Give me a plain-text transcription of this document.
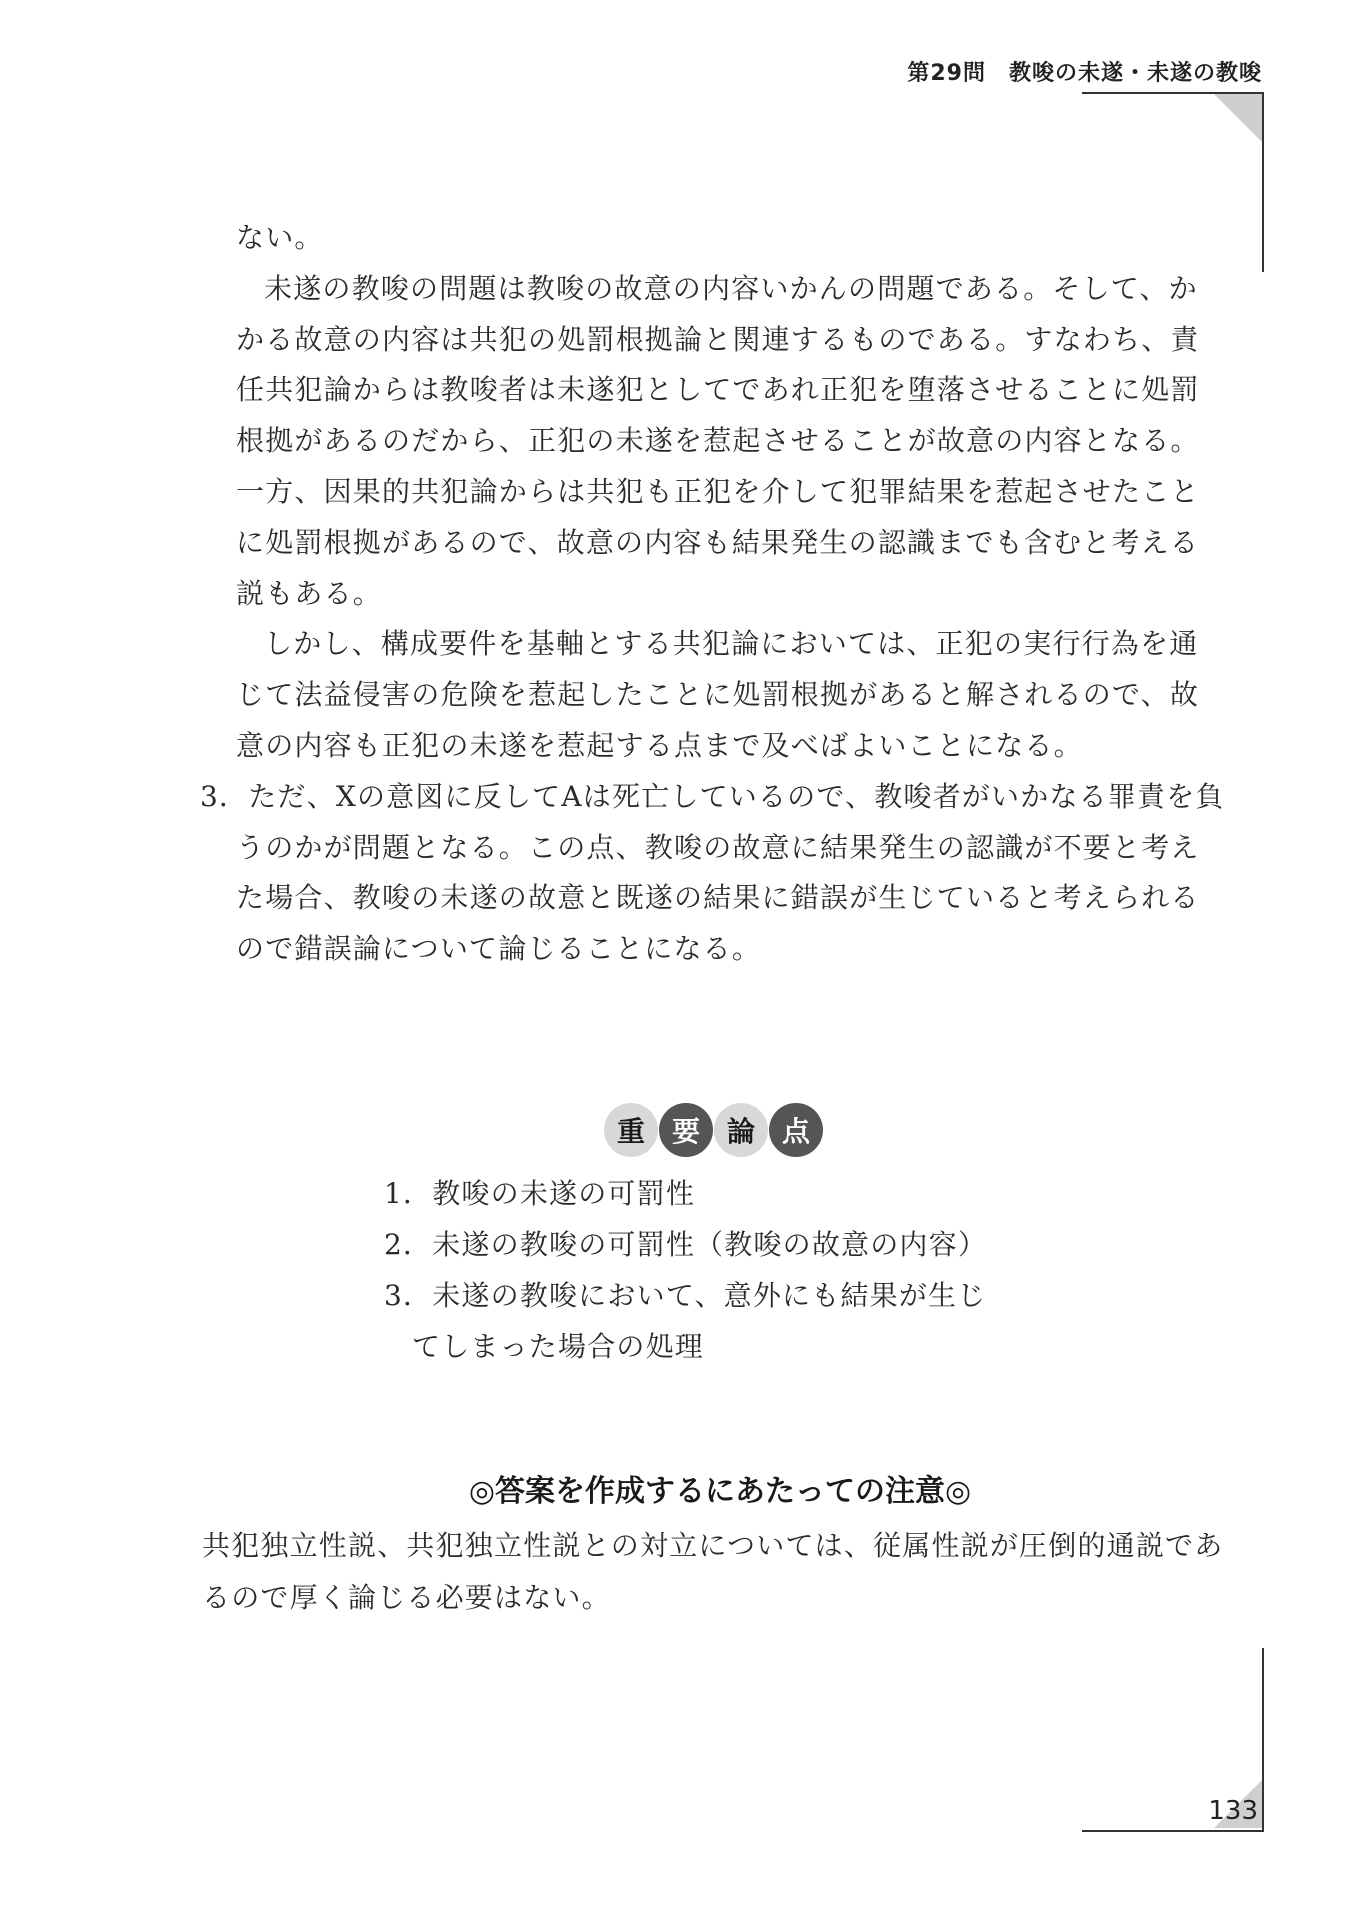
第29問　教唆の未遂・未遂の教唆

ない。

未遂の教唆の問題は教唆の故意の内容いかんの問題である。そして、かかる故意の内容は共犯の処罰根拠論と関連するものである。すなわち、責任共犯論からは教唆者は未遂犯としてであれ正犯を堕落させることに処罰根拠があるのだから、正犯の未遂を惹起させることが故意の内容となる。一方、因果的共犯論からは共犯も正犯を介して犯罪結果を惹起させたことに処罰根拠があるので、故意の内容も結果発生の認識までも含むと考える説もある。

しかし、構成要件を基軸とする共犯論においては、正犯の実行行為を通じて法益侵害の危険を惹起したことに処罰根拠があると解されるので、故意の内容も正犯の未遂を惹起する点まで及べばよいことになる。

3．ただ、Xの意図に反してAは死亡しているので、教唆者がいかなる罪責を負うのかが問題となる。この点、教唆の故意に結果発生の認識が不要と考えた場合、教唆の未遂の故意と既遂の結果に錯誤が生じていると考えられるので錯誤論について論じることになる。

重 要 論 点
1．教唆の未遂の可罰性
2．未遂の教唆の可罰性（教唆の故意の内容）
3．未遂の教唆において、意外にも結果が生じ
てしまった場合の処理
◎答案を作成するにあたっての注意◎

共犯独立性説、共犯独立性説との対立については、従属性説が圧倒的通説であるので厚く論じる必要はない。

133
